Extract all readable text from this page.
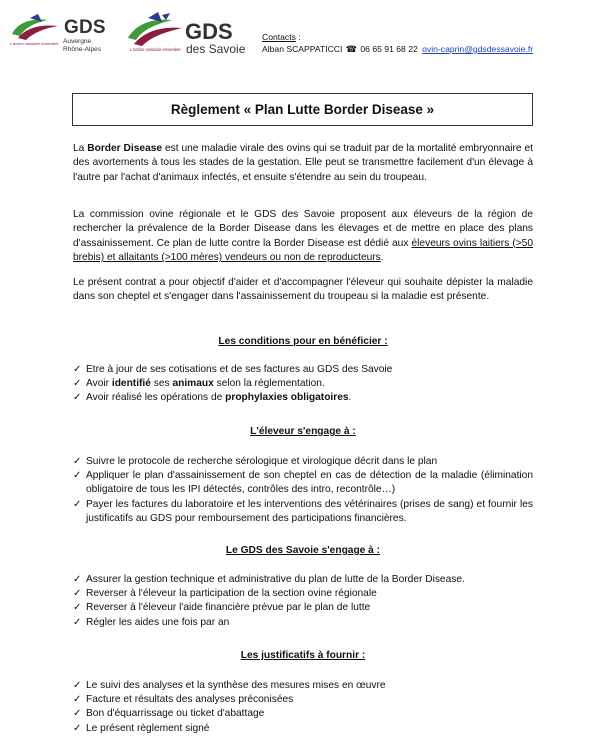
GDS
Auvergne
Rhône-Alpes
L'action sanitaire ensemble	GDS
des Savoie
L'action sanitaire ensemble
Contacts :
Alban SCAPPATICCI ☎ 06 65 91 68 22 ovin-caprin@gdsdessavoie.fr
Règlement « Plan Lutte Border Disease »
La Border Disease est une maladie virale des ovins qui se traduit par de la mortalité embryonnaire et des avortements à tous les stades de la gestation. Elle peut se transmettre facilement d'un élevage à l'autre par l'achat d'animaux infectés, et ensuite s'étendre au sein du troupeau.
La commission ovine régionale et le GDS des Savoie proposent aux éleveurs de la région de rechercher la prévalence de la Border Disease dans les élevages et de mettre en place des plans d'assainissement. Ce plan de lutte contre la Border Disease est dédié aux éleveurs ovins laitiers (>50 brebis) et allaitants (>100 mères) vendeurs ou non de reproducteurs.
Le présent contrat a pour objectif d'aider et d'accompagner l'éleveur qui souhaite dépister la maladie dans son cheptel et s'engager dans l'assainissement du troupeau si la maladie est présente.
Les conditions pour en bénéficier :
✓ Etre à jour de ses cotisations et de ses factures au GDS des Savoie
✓ Avoir identifié ses animaux selon la réglementation.
✓ Avoir réalisé les opérations de prophylaxies obligatoires.
L'éleveur s'engage à :
✓ Suivre le protocole de recherche sérologique et virologique décrit dans le plan
✓ Appliquer le plan d'assainissement de son cheptel en cas de détection de la maladie (élimination obligatoire de tous les IPI détectés, contrôles des intro, recontrôle…)
✓ Payer les factures du laboratoire et les interventions des vétérinaires (prises de sang) et fournir les justificatifs au GDS pour remboursement des participations financières.
Le GDS des Savoie s'engage à :
✓ Assurer la gestion technique et administrative du plan de lutte de la Border Disease.
✓ Reverser à l'éleveur la participation de la section ovine régionale
✓ Reverser à l'éleveur l'aide financière prévue par le plan de lutte
✓ Régler les aides une fois par an
Les justificatifs à fournir :
✓ Le suivi des analyses et la synthèse des mesures mises en œuvre
✓ Facture et résultats des analyses préconisées
✓ Bon d'équarrissage ou ticket d'abattage
✓ Le présent règlement signé
